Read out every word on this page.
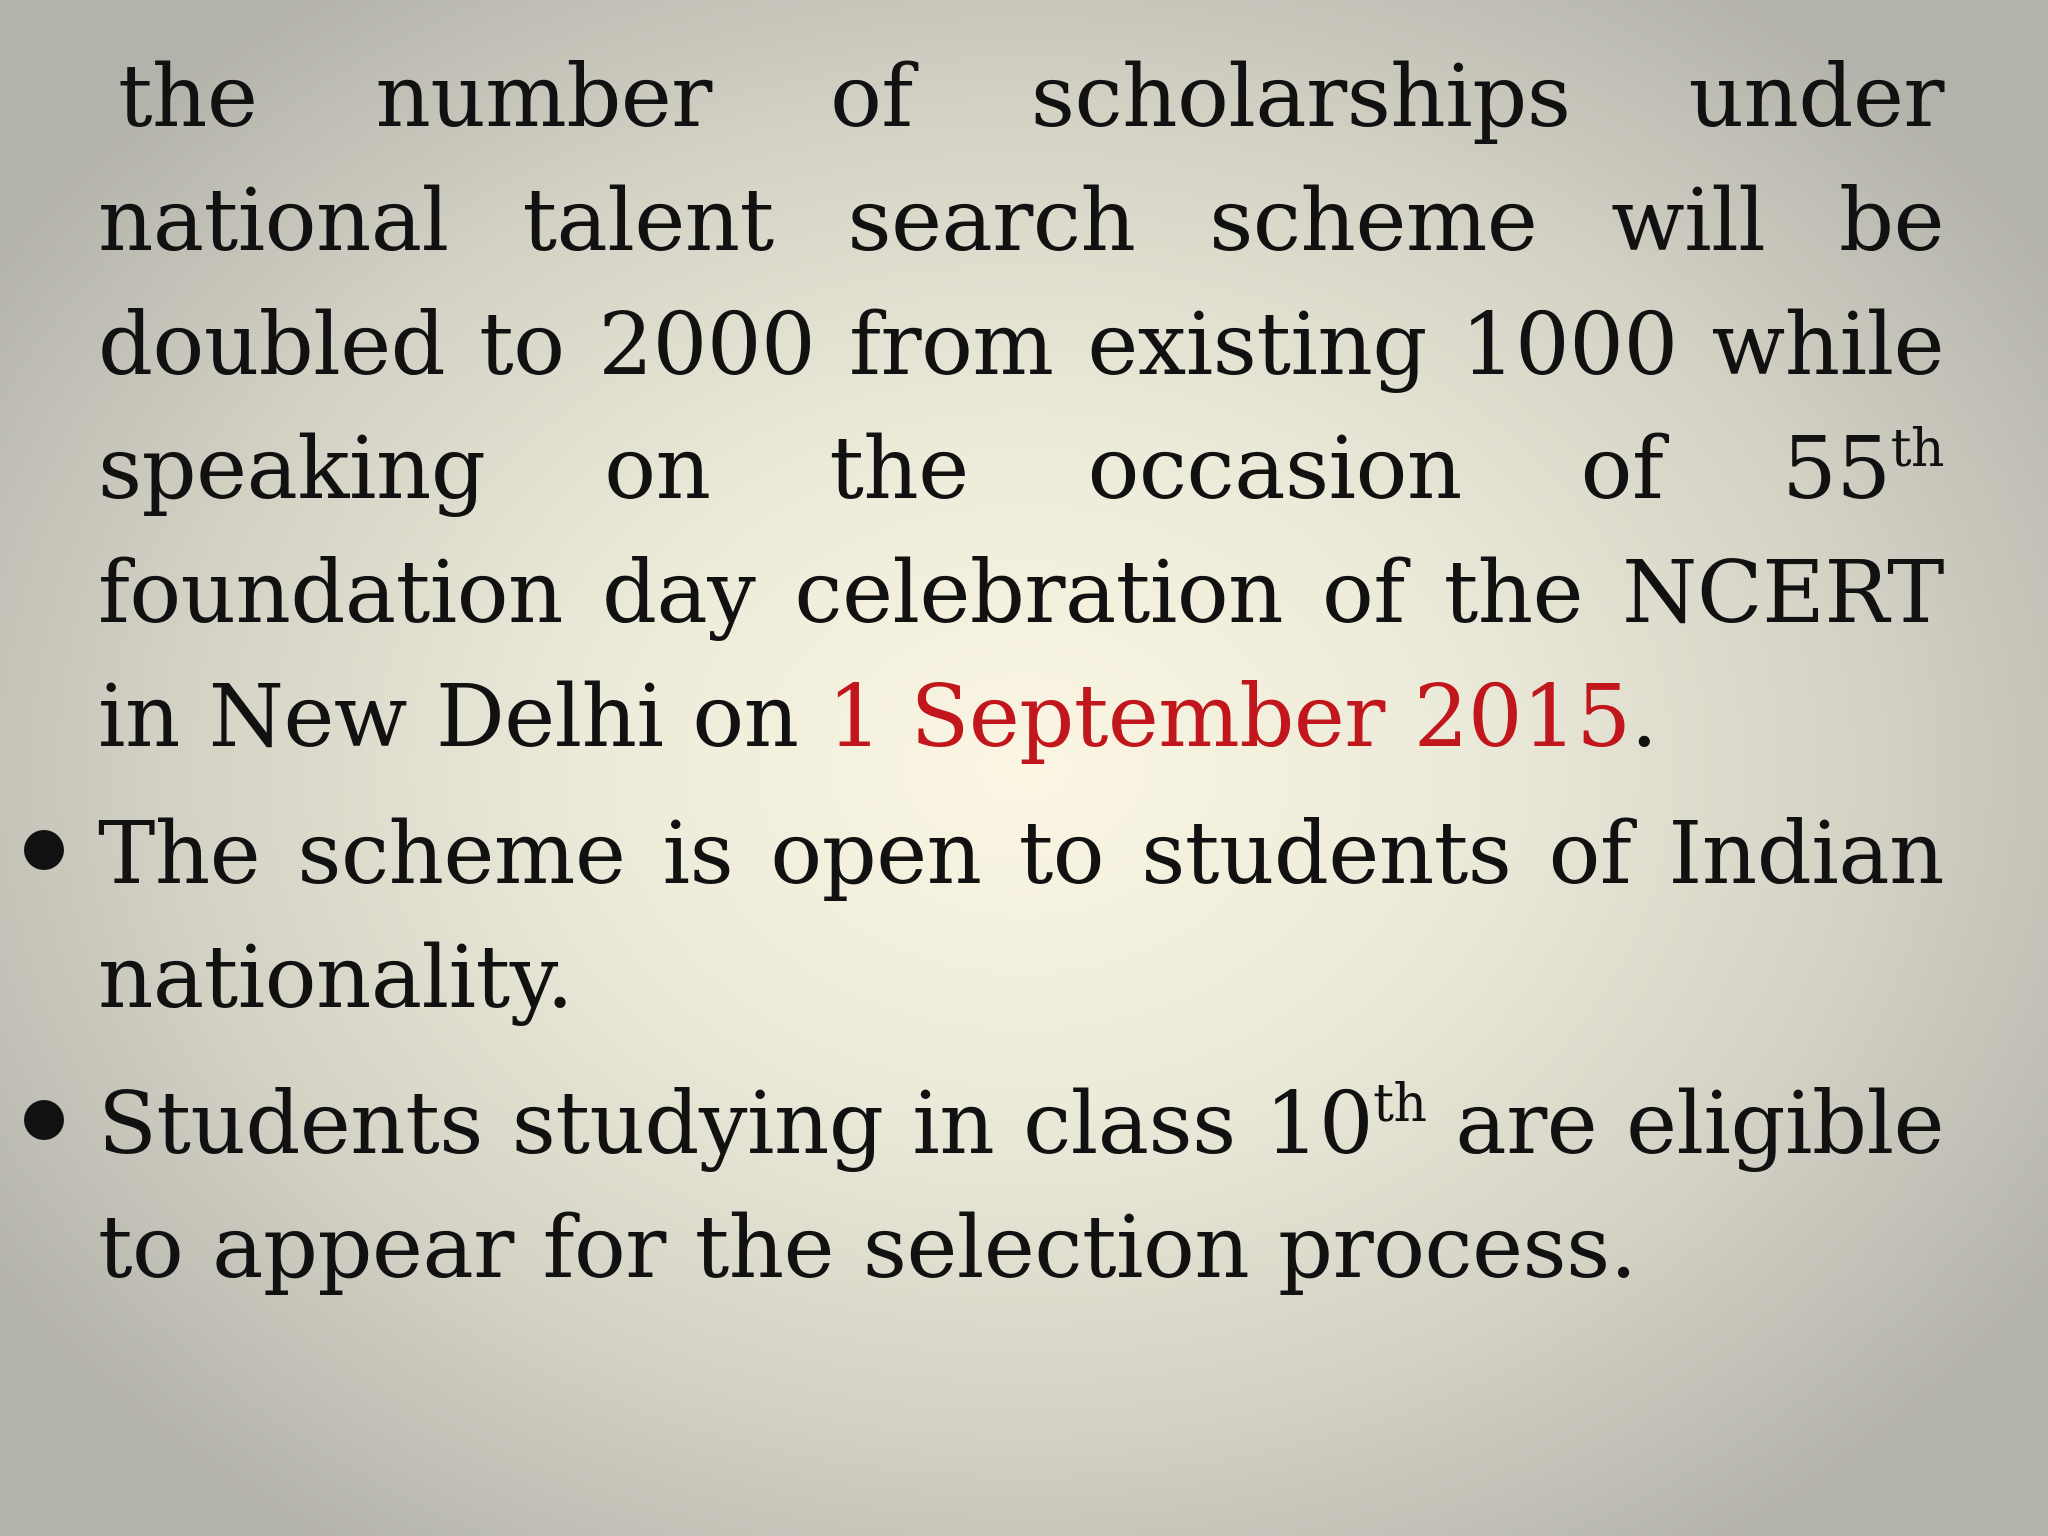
the number of scholarships under national talent search scheme will be doubled to 2000 from existing 1000 while speaking on the occasion of 55th foundation day celebration of the NCERT in New Delhi on 1 September 2015.
The scheme is open to students of Indian nationality.
Students studying in class 10th are eligible to appear for the selection process.
